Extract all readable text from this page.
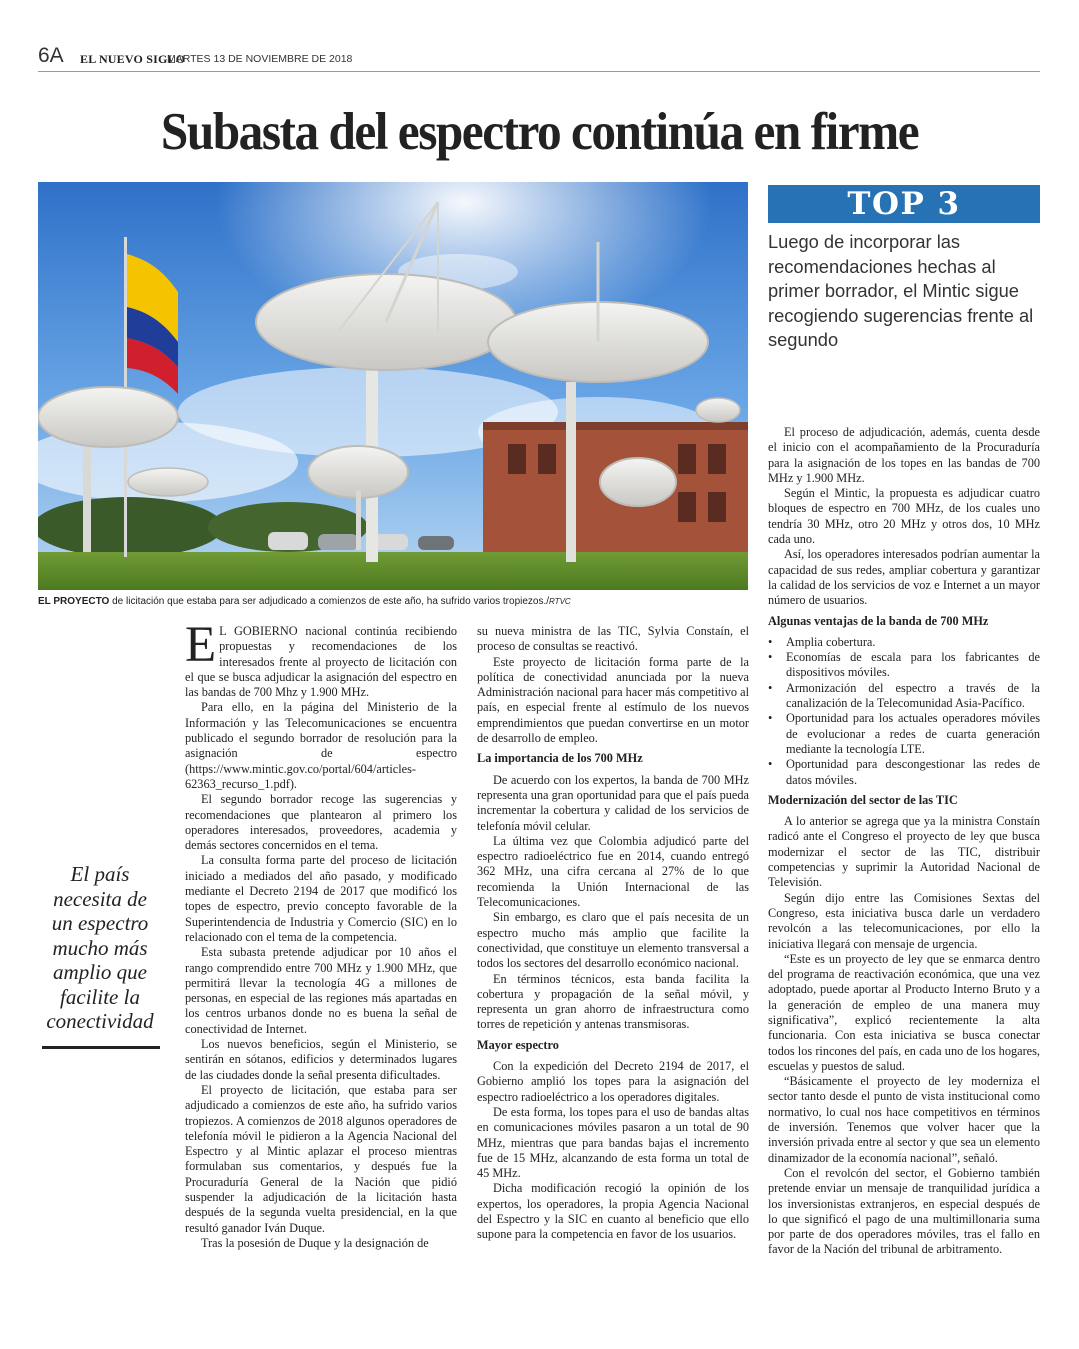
6A EL NUEVO SIGLO
MARTES 13 DE NOVIEMBRE DE 2018
Subasta del espectro continúa en firme
EL PROYECTO de licitación que estaba para ser adjudicado a comienzos de este año, ha sufrido varios tropiezos./RTVC
TOP 3
Luego de incorporar las recomendaciones hechas al primer borrador, el Mintic sigue recogiendo sugerencias frente al segundo
El país necesita de un espectro mucho más amplio que facilite la conectividad

E L GOBIERNO nacional continúa recibiendo propuestas y recomendaciones de los interesados frente al proyecto de licitación con el que se busca adjudicar la asignación del espectro en las bandas de 700 Mhz y 1.900 MHz.

Para ello, en la página del Ministerio de la Información y las Telecomunicaciones se encuentra publicado el segundo borrador de resolución para la asignación de espectro (https://www.mintic.gov.co/portal/604/articles-62363_recurso_1.pdf).

El segundo borrador recoge las sugerencias y recomendaciones que plantearon al primero los operadores interesados, proveedores, academia y demás sectores concernidos en el tema.

La consulta forma parte del proceso de licitación iniciado a mediados del año pasado, y modificado mediante el Decreto 2194 de 2017 que modificó los topes de espectro, previo concepto favorable de la Superintendencia de Industria y Comercio (SIC) en lo relacionado con el tema de la competencia.

Esta subasta pretende adjudicar por 10 años el rango comprendido entre 700 MHz y 1.900 MHz, que permitirá llevar la tecnología 4G a millones de personas, en especial de las regiones más apartadas en los centros urbanos donde no es buena la señal de conectividad de Internet.

Los nuevos beneficios, según el Ministerio, se sentirán en sótanos, edificios y determinados lugares de las ciudades donde la señal presenta dificultades.

El proyecto de licitación, que estaba para ser adjudicado a comienzos de este año, ha sufrido varios tropiezos. A comienzos de 2018 algunos operadores de telefonía móvil le pidieron a la Agencia Nacional del Espectro y al Mintic aplazar el proceso mientras formulaban sus comentarios, y después fue la Procuraduría General de la Nación que pidió suspender la adjudicación de la licitación hasta después de la segunda vuelta presidencial, en la que resultó ganador Iván Duque.

Tras la posesión de Duque y la designación de

su nueva ministra de las TIC, Sylvia Constaín, el proceso de consultas se reactivó.

Este proyecto de licitación forma parte de la política de conectividad anunciada por la nueva Administración nacional para hacer más competitivo al país, en especial frente al estímulo de los nuevos emprendimientos que puedan convertirse en un motor de desarrollo de empleo.

La importancia de los 700 MHz

De acuerdo con los expertos, la banda de 700 MHz representa una gran oportunidad para que el país pueda incrementar la cobertura y calidad de los servicios de telefonía móvil celular.

La última vez que Colombia adjudicó parte del espectro radioeléctrico fue en 2014, cuando entregó 362 MHz, una cifra cercana al 27% de lo que recomienda la Unión Internacional de las Telecomunicaciones.

Sin embargo, es claro que el país necesita de un espectro mucho más amplio que facilite la conectividad, que constituye un elemento transversal a todos los sectores del desarrollo económico nacional.

En términos técnicos, esta banda facilita la cobertura y propagación de la señal móvil, y representa un gran ahorro de infraestructura como torres de repetición y antenas transmisoras.

Mayor espectro

Con la expedición del Decreto 2194 de 2017, el Gobierno amplió los topes para la asignación del espectro radioeléctrico a los operadores digitales.

De esta forma, los topes para el uso de bandas altas en comunicaciones móviles pasaron a un total de 90 MHz, mientras que para bandas bajas el incremento fue de 15 MHz, alcanzando de esta forma un total de 45 MHz.

Dicha modificación recogió la opinión de los expertos, los operadores, la propia Agencia Nacional del Espectro y la SIC en cuanto al beneficio que ello supone para la competencia en favor de los usuarios.

El proceso de adjudicación, además, cuenta desde el inicio con el acompañamiento de la Procuraduría para la asignación de los topes en las bandas de 700 MHz y 1.900 MHz.

Según el Mintic, la propuesta es adjudicar cuatro bloques de espectro en 700 MHz, de los cuales uno tendría 30 MHz, otro 20 MHz y otros dos, 10 MHz cada uno.

Así, los operadores interesados podrían aumentar la capacidad de sus redes, ampliar cobertura y garantizar la calidad de los servicios de voz e Internet a un mayor número de usuarios.

Algunas ventajas de la banda de 700 MHz
• Amplia cobertura.
• Economías de escala para los fabricantes de dispositivos móviles.
• Armonización del espectro a través de la canalización de la Telecomunidad Asia-Pacífico.
• Oportunidad para los actuales operadores móviles de evolucionar a redes de cuarta generación mediante la tecnología LTE.
• Oportunidad para descongestionar las redes de datos móviles.
Modernización del sector de las TIC

A lo anterior se agrega que ya la ministra Constaín radicó ante el Congreso el proyecto de ley que busca modernizar el sector de las TIC, distribuir competencias y suprimir la Autoridad Nacional de Televisión.

Según dijo entre las Comisiones Sextas del Congreso, esta iniciativa busca darle un verdadero revolcón a las telecomunicaciones, por ello la iniciativa llegará con mensaje de urgencia.

“Este es un proyecto de ley que se enmarca dentro del programa de reactivación económica, que una vez adoptado, puede aportar al Producto Interno Bruto y a la generación de empleo de una manera muy significativa”, explicó recientemente la alta funcionaria. Con esta iniciativa se busca conectar todos los rincones del país, en cada uno de los hogares, escuelas y puestos de salud.

“Básicamente el proyecto de ley moderniza el sector tanto desde el punto de vista institucional como normativo, lo cual nos hace competitivos en términos de inversión. Tenemos que volver hacer que la inversión privada entre al sector y que sea un elemento dinamizador de la economía nacional”, señaló.

Con el revolcón del sector, el Gobierno también pretende enviar un mensaje de tranquilidad jurídica a los inversionistas extranjeros, en especial después de lo que significó el pago de una multimillonaria suma por parte de dos operadores móviles, tras el fallo en favor de la Nación del tribunal de arbitramento.
